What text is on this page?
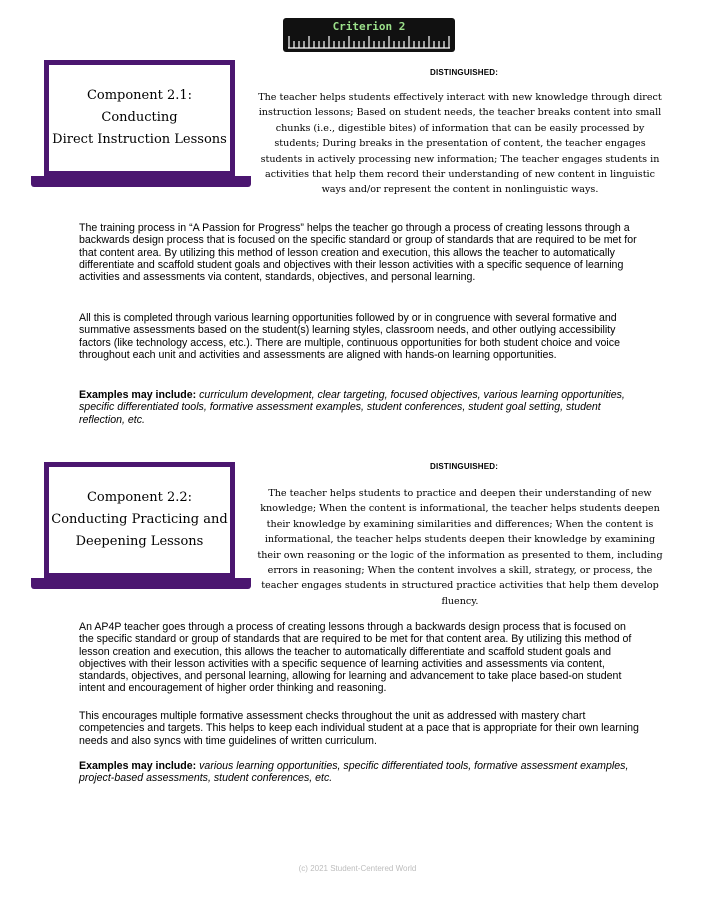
Criterion 2
Component 2.1: Conducting
Direct Instruction Lessons
DISTINGUISHED:
The teacher helps students effectively interact with new knowledge through direct instruction lessons; Based on student needs, the teacher breaks content into small chunks (i.e., digestible bites) of information that can be easily processed by students; During breaks in the presentation of content, the teacher engages students in actively processing new information; The teacher engages students in activities that help them record their understanding of new content in linguistic ways and/or represent the content in nonlinguistic ways.

The training process in “A Passion for Progress” helps the teacher go through a process of creating lessons through a backwards design process that is focused on the specific standard or group of standards that are required to be met for that content area. By utilizing this method of lesson creation and execution, this allows the teacher to automatically differentiate and scaffold student goals and objectives with their lesson activities with a specific sequence of learning activities and assessments via content, standards, objectives, and personal learning.

All this is completed through various learning opportunities followed by or in congruence with several formative and summative assessments based on the student(s) learning styles, classroom needs, and other outlying accessibility factors (like technology access, etc.). There are multiple, continuous opportunities for both student choice and voice throughout each unit and activities and assessments are aligned with hands-on learning opportunities.

Examples may include: curriculum development, clear targeting, focused objectives, various learning opportunities, specific differentiated tools, formative assessment examples, student conferences, student goal setting, student reflection, etc.

Component 2.2:
Conducting Practicing and
Deepening Lessons
DISTINGUISHED:
The teacher helps students to practice and deepen their understanding of new knowledge; When the content is informational, the teacher helps students deepen their knowledge by examining similarities and differences; When the content is informational, the teacher helps students deepen their knowledge by examining their own reasoning or the logic of the information as presented to them, including errors in reasoning; When the content involves a skill, strategy, or process, the teacher engages students in structured practice activities that help them develop fluency.

An AP4P teacher goes through a process of creating lessons through a backwards design process that is focused on the specific standard or group of standards that are required to be met for that content area. By utilizing this method of lesson creation and execution, this allows the teacher to automatically differentiate and scaffold student goals and objectives with their lesson activities with a specific sequence of learning activities and assessments via content, standards, objectives, and personal learning, allowing for learning and advancement to take place based-on student intent and encouragement of higher order thinking and reasoning.

This encourages multiple formative assessment checks throughout the unit as addressed with mastery chart competencies and targets. This helps to keep each individual student at a pace that is appropriate for their own learning needs and also syncs with time guidelines of written curriculum.

Examples may include: various learning opportunities, specific differentiated tools, formative assessment examples, project-based assessments, student conferences, etc.

(c) 2021 Student-Centered World
